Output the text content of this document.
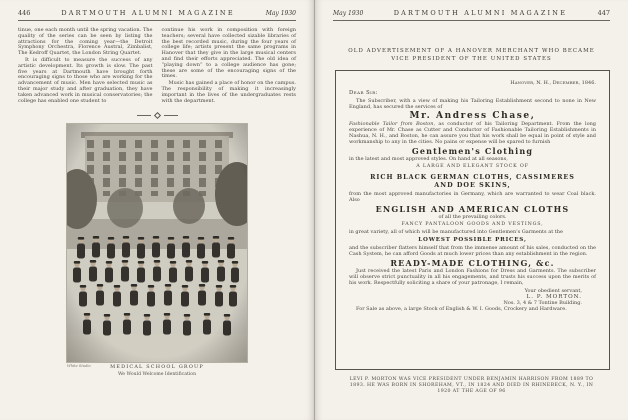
446	DARTMOUTH ALUMNI MAGAZINE	May 1930

tinue, one each month until the spring vacation. The quality of the series can be seen by listing the attractions for the coming year—the Detroit Symphony Orchestra, Florence Austral, Zimbalist, The Kedroff Quartet, the London String Quartet.

It is difficult to measure the success of any artistic development. Its growth is slow. The past five years at Dartmouth have brought forth encouraging signs to those who are working for the advancement of music. Men have selected music as their major study and after graduation, they have taken advanced work in musical conservatories; the college has enabled one student to

continue his work in composition with foreign teachers; several have collected sizable libraries of the best recorded music, during the four years of college life; artists present the same programs in Hanover that they give in the large musical centers and find their efforts appreciated. The old idea of “playing down” to a college audience has gone; these are some of the encouraging signs of the times.

Music has gained a place of honor on the campus. The responsibility of making it increasingly important in the lives of the undergraduates rests with the department.

White Studio	MEDICAL SCHOOL GROUP
We Would Welcome Identification
May 1930	DARTMOUTH ALUMNI MAGAZINE	447
OLD ADVERTISEMENT OF A HANOVER MERCHANT WHO BECAME
VICE PRESIDENT OF THE UNITED STATES
Hanover, N. H., December, 1846.
Dear Sir:

The Subscriber, with a view of making his Tailoring Establishment second to none in New England, has secured the services of

Mr. Andress Chase,

Fashionable Tailor from Boston, as conductor of his Tailoring Department. From the long experience of Mr. Chase as Cutter and Conductor of Fashionable Tailoring Establishments in Nashua, N. H., and Boston, he can assure you that his work shall be equal in point of style and workmanship to any in the cities. No pains or expense will be spared to furnish

Gentlemen's Clothing

in the latest and most approved styles. On hand at all seasons,

A LARGE AND ELEGANT STOCK OF
RICH BLACK GERMAN CLOTHS, CASSIMERES AND DOE SKINS,

from the most approved manufactories in Germany, which are warranted to wear Coal black. Also

ENGLISH AND AMERICAN CLOTHS

of all the prevailing colors.

FANCY PANTALOON GOODS AND VESTINGS,

in great variety, all of which will be manufactured into Gentlemen's Garments at the

LOWEST POSSIBLE PRICES,

and the subscriber flatters himself that from the immense amount of his sales, conducted on the Cash System, he can afford Goods at much lower prices than any establishment in the region.

READY-MADE CLOTHING, &c.

Just received the latest Paris and London Fashions for Dress and Garments. The subscriber will observe strict punctuality in all his engagements, and trusts his success upon the merits of his work. Respectfully soliciting a share of your patronage, I remain,

Your obedient servant,
L. P. MORTON.
Nos. 3, 4 & 7 Tontine Building.

For Sale as above, a large Stock of English & W. I. Goods, Crockery and Hardware.

LEVI P. MORTON WAS VICE PRESIDENT UNDER BENJAMIN HARRISON FROM 1889 TO 1893. HE WAS BORN IN SHOREHAM, VT., IN 1824 AND DIED IN RHINEBECK, N. Y., IN 1920 AT THE AGE OF 96
